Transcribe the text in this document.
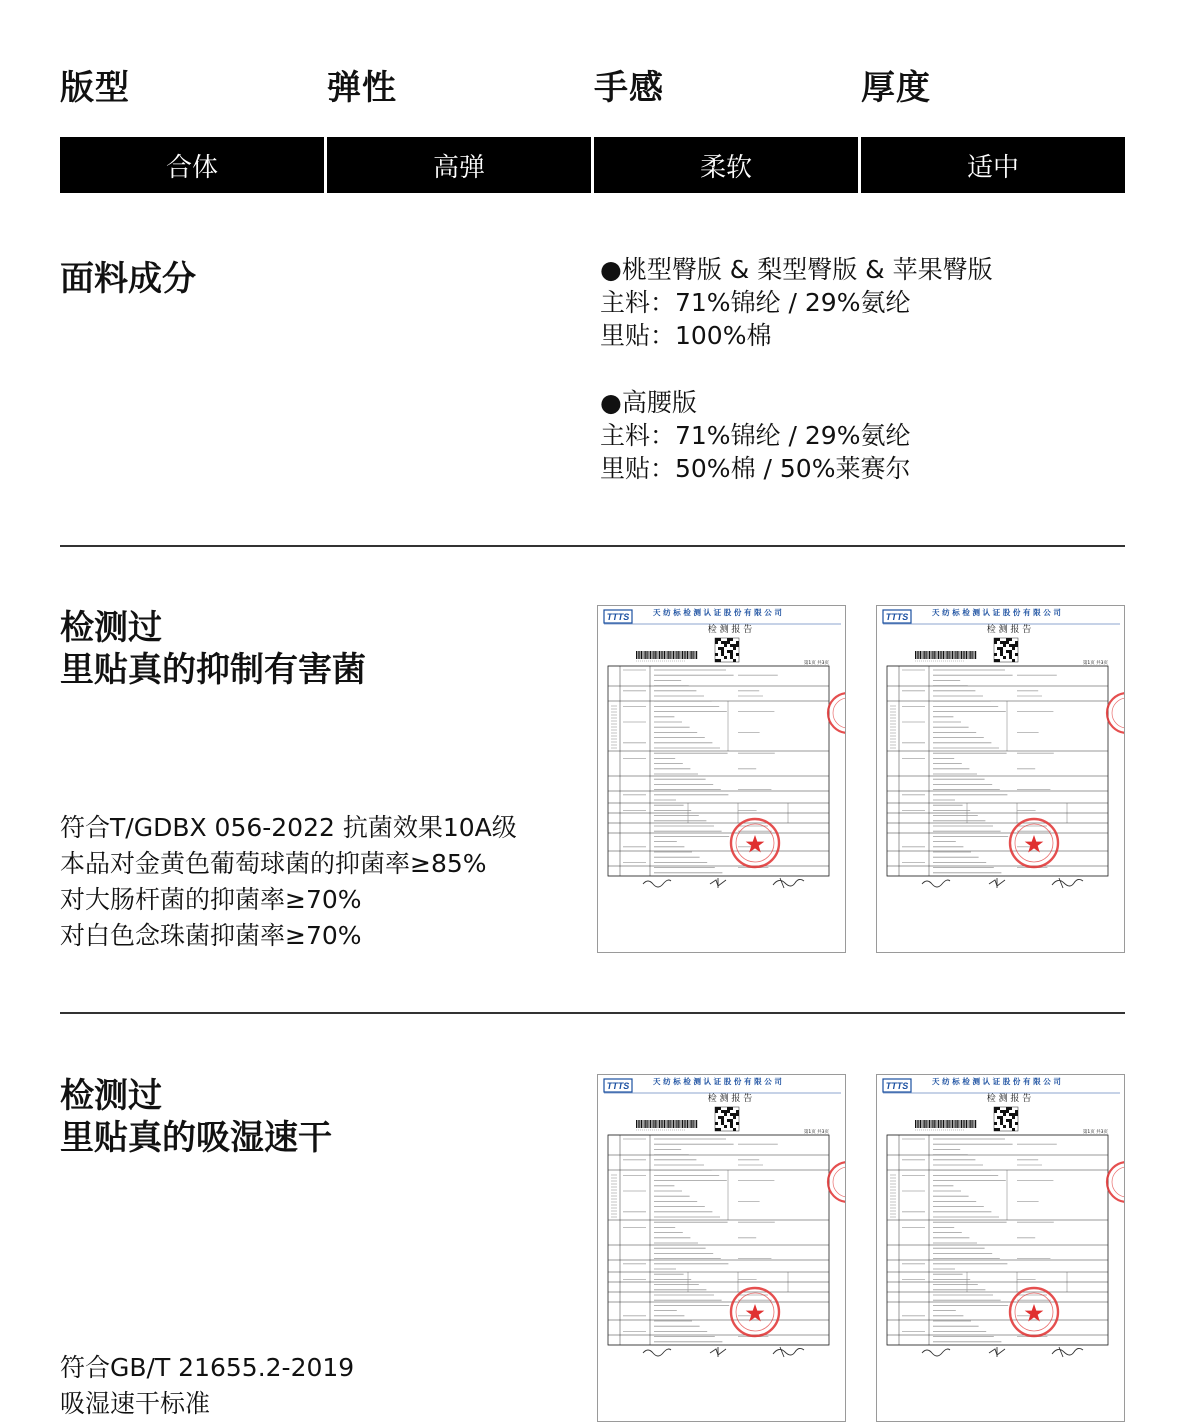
版型	弹性	手感	厚度
合体	高弹	柔软	适中
面料成分	●桃型臀版 & 梨型臀版 & 苹果臀版
主料：71%锦纶 / 29%氨纶
里贴：100%棉
●高腰版
主料：71%锦纶 / 29%氨纶
里贴：50%棉 / 50%莱赛尔
检测过
里贴真的抑制有害菌
符合T/GDBX 056-2022 抗菌效果10A级
本品对金黄色葡萄球菌的抑菌率≥85%
对大肠杆菌的抑菌率≥70%
对白色念珠菌抑菌率≥70%
TTTS	天 纺 标 检 测 认 证 股 份 有 限 公 司
检 测 报 告
第1页 共3页
TTTS	天 纺 标 检 测 认 证 股 份 有 限 公 司
检 测 报 告
第1页 共3页
检测过
里贴真的吸湿速干
符合GB/T 21655.2-2019
吸湿速干标准
TTTS	天 纺 标 检 测 认 证 股 份 有 限 公 司
检 测 报 告
第1页 共3页
TTTS	天 纺 标 检 测 认 证 股 份 有 限 公 司
检 测 报 告
第1页 共3页
